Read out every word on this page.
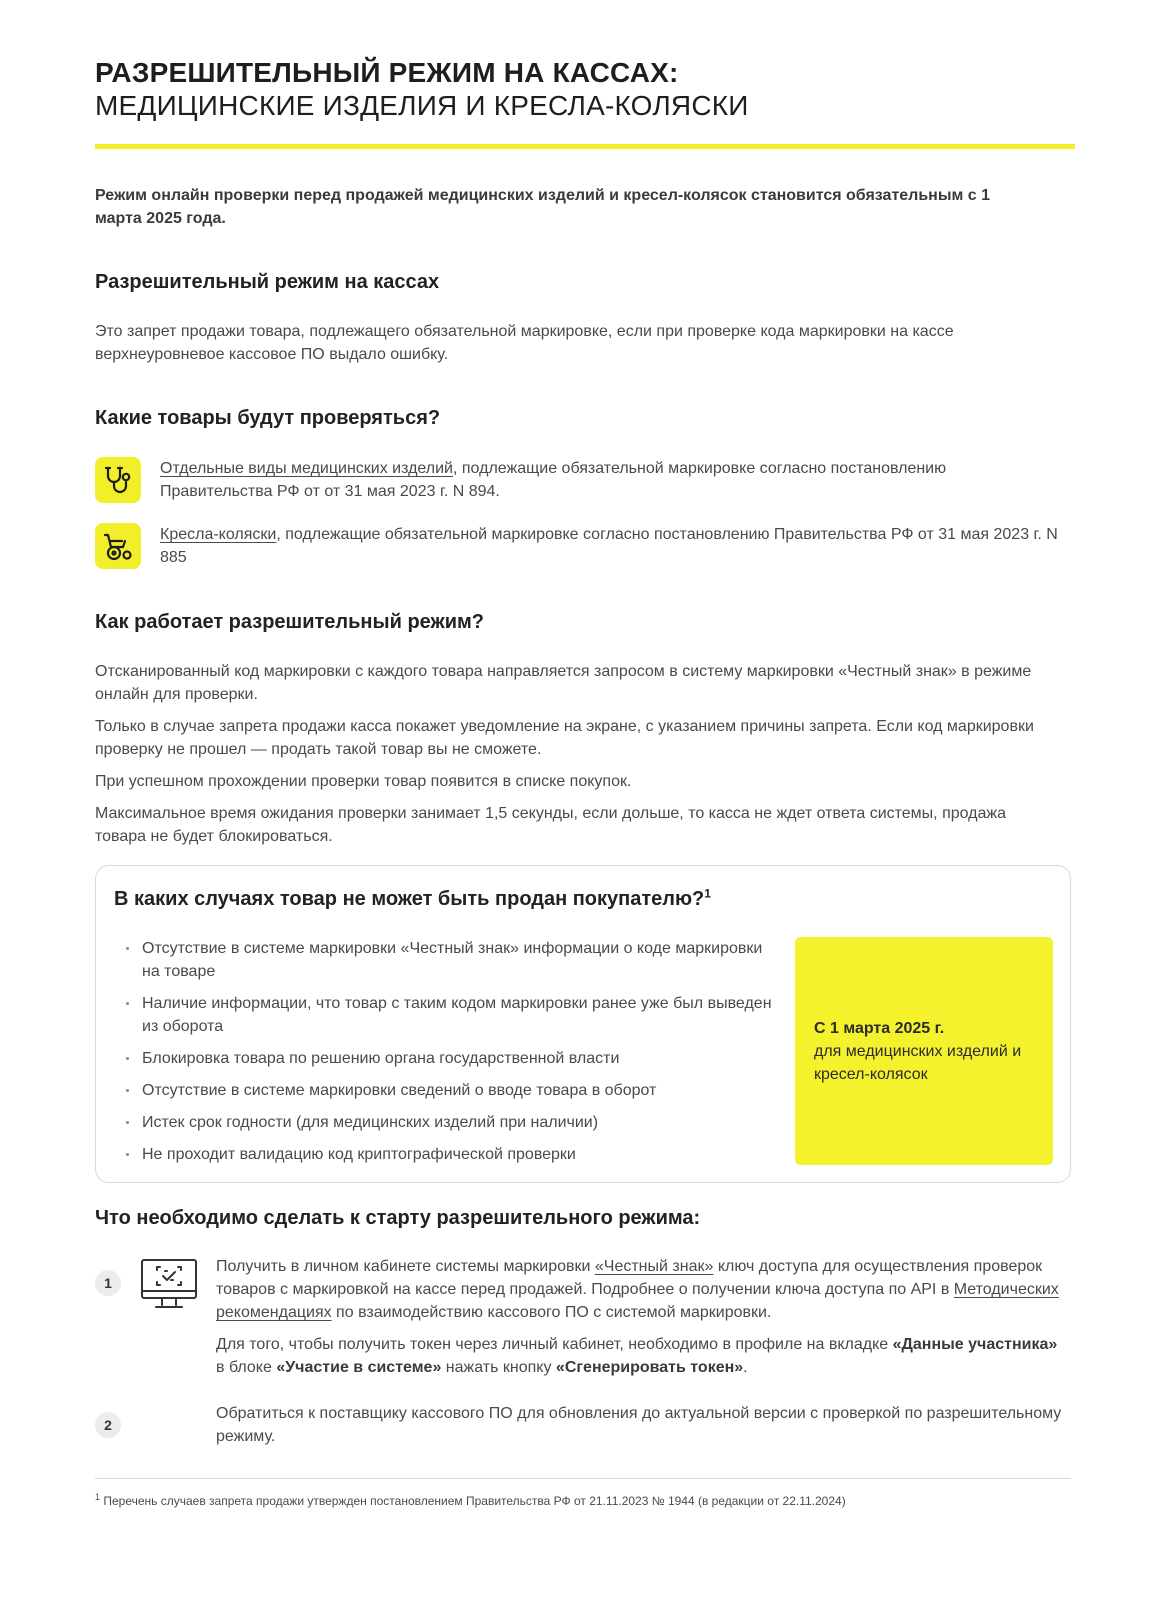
РАЗРЕШИТЕЛЬНЫЙ РЕЖИМ НА КАССАХ:
МЕДИЦИНСКИЕ ИЗДЕЛИЯ И КРЕСЛА-КОЛЯСКИ
Режим онлайн проверки перед продажей медицинских изделий и кресел-колясок становится обязательным с 1 марта 2025 года.
Разрешительный режим на кассах
Это запрет продажи товара, подлежащего обязательной маркировке, если при проверке кода маркировки на кассе верхнеуровневое кассовое ПО выдало ошибку.
Какие товары будут проверяться?
Отдельные виды медицинских изделий, подлежащие обязательной маркировке согласно постановлению Правительства РФ от от 31 мая 2023 г. N 894.
Кресла-коляски, подлежащие обязательной маркировке согласно постановлению Правительства РФ от 31 мая 2023 г. N 885
Как работает разрешительный режим?

Отсканированный код маркировки с каждого товара направляется запросом в систему маркировки «Честный знак» в режиме онлайн для проверки.

Только в случае запрета продажи касса покажет уведомление на экране, с указанием причины запрета. Если код маркировки проверку не прошел — продать такой товар вы не сможете.

При успешном прохождении проверки товар появится в списке покупок.

Максимальное время ожидания проверки занимает 1,5 секунды, если дольше, то касса не ждет ответа системы, продажа товара не будет блокироваться.

В каких случаях товар не может быть продан покупателю?$^1$
Отсутствие в системе маркировки «Честный знак» информации о коде маркировки на товаре
Наличие информации, что товар с таким кодом маркировки ранее уже был выведен из оборота
Блокировка товара по решению органа государственной власти
Отсутствие в системе маркировки сведений о вводе товара в оборот
Истек срок годности (для медицинских изделий при наличии)
Не проходит валидацию код криптографической проверки
С 1 марта 2025 г.
для медицинских изделий и кресел-колясок
Что необходимо сделать к старту разрешительного режима:
1

Получить в личном кабинете системы маркировки «Честный знак» ключ доступа для осуществления проверок товаров с маркировкой на кассе перед продажей. Подробнее о получении ключа доступа по API в Методических рекомендациях по взаимодействию кассового ПО с системой маркировки.

Для того, чтобы получить токен через личный кабинет, необходимо в профиле на вкладке «Данные участника» в блоке «Участие в системе» нажать кнопку «Сгенерировать токен».

2

Обратиться к поставщику кассового ПО для обновления до актуальной версии с проверкой по разрешительному режиму.

$^1$ Перечень случаев запрета продажи утвержден постановлением Правительства РФ от 21.11.2023 № 1944 (в редакции от 22.11.2024)
